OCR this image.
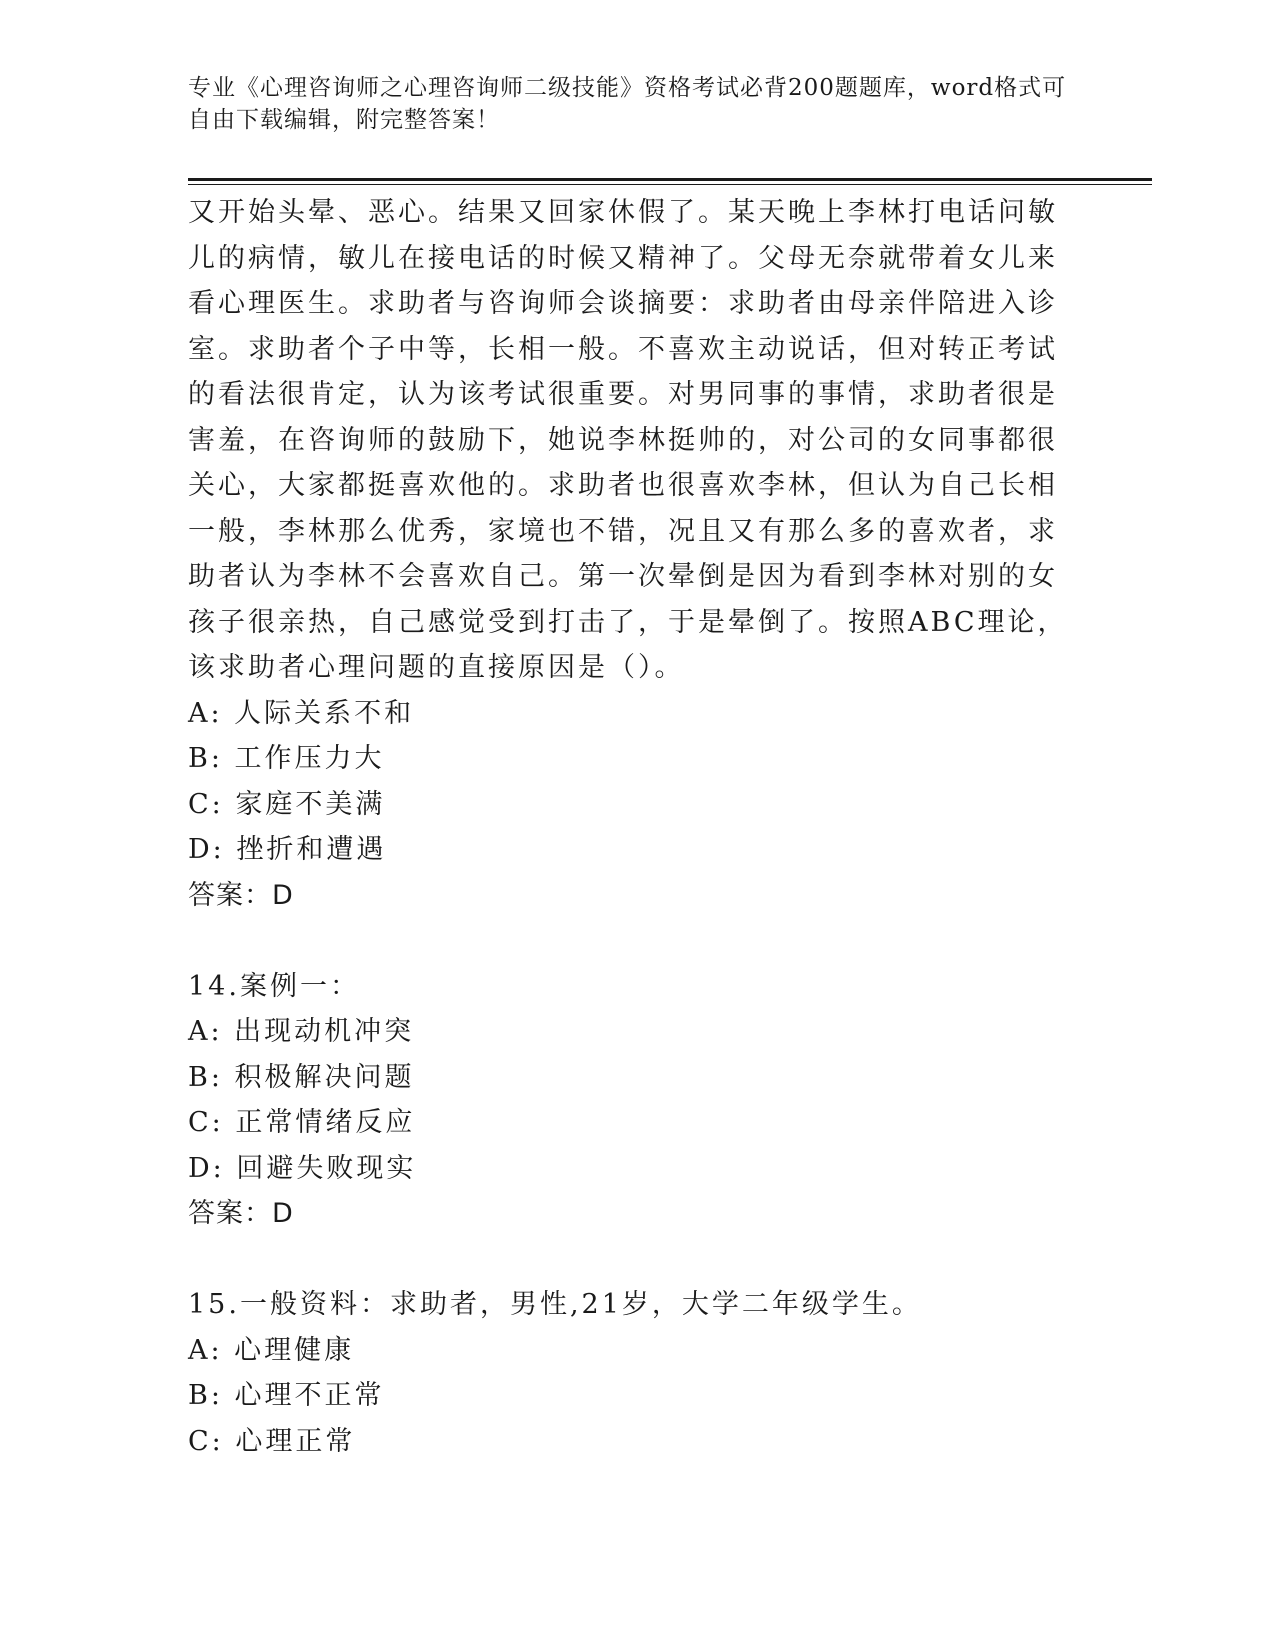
专业《心理咨询师之心理咨询师二级技能》资格考试必背200题题库，word格式可自由下载编辑，附完整答案！

又开始头晕、恶心。结果又回家休假了。某天晚上李林打电话问敏儿的病情，敏儿在接电话的时候又精神了。父母无奈就带着女儿来看心理医生。求助者与咨询师会谈摘要：求助者由母亲伴陪进入诊室。求助者个子中等，长相一般。不喜欢主动说话，但对转正考试的看法很肯定，认为该考试很重要。对男同事的事情，求助者很是害羞，在咨询师的鼓励下，她说李林挺帅的，对公司的女同事都很关心，大家都挺喜欢他的。求助者也很喜欢李林，但认为自己长相一般，李林那么优秀，家境也不错，况且又有那么多的喜欢者，求助者认为李林不会喜欢自己。第一次晕倒是因为看到李林对别的女孩子很亲热，自己感觉受到打击了，于是晕倒了。按照ABC理论，该求助者心理问题的直接原因是（）。

A: 人际关系不和

B: 工作压力大

C: 家庭不美满

D: 挫折和遭遇

答案：D

14.案例一：

A: 出现动机冲突

B: 积极解决问题

C: 正常情绪反应

D: 回避失败现实

答案：D

15.一般资料：求助者，男性,21岁，大学二年级学生。

A: 心理健康

B: 心理不正常

C: 心理正常
